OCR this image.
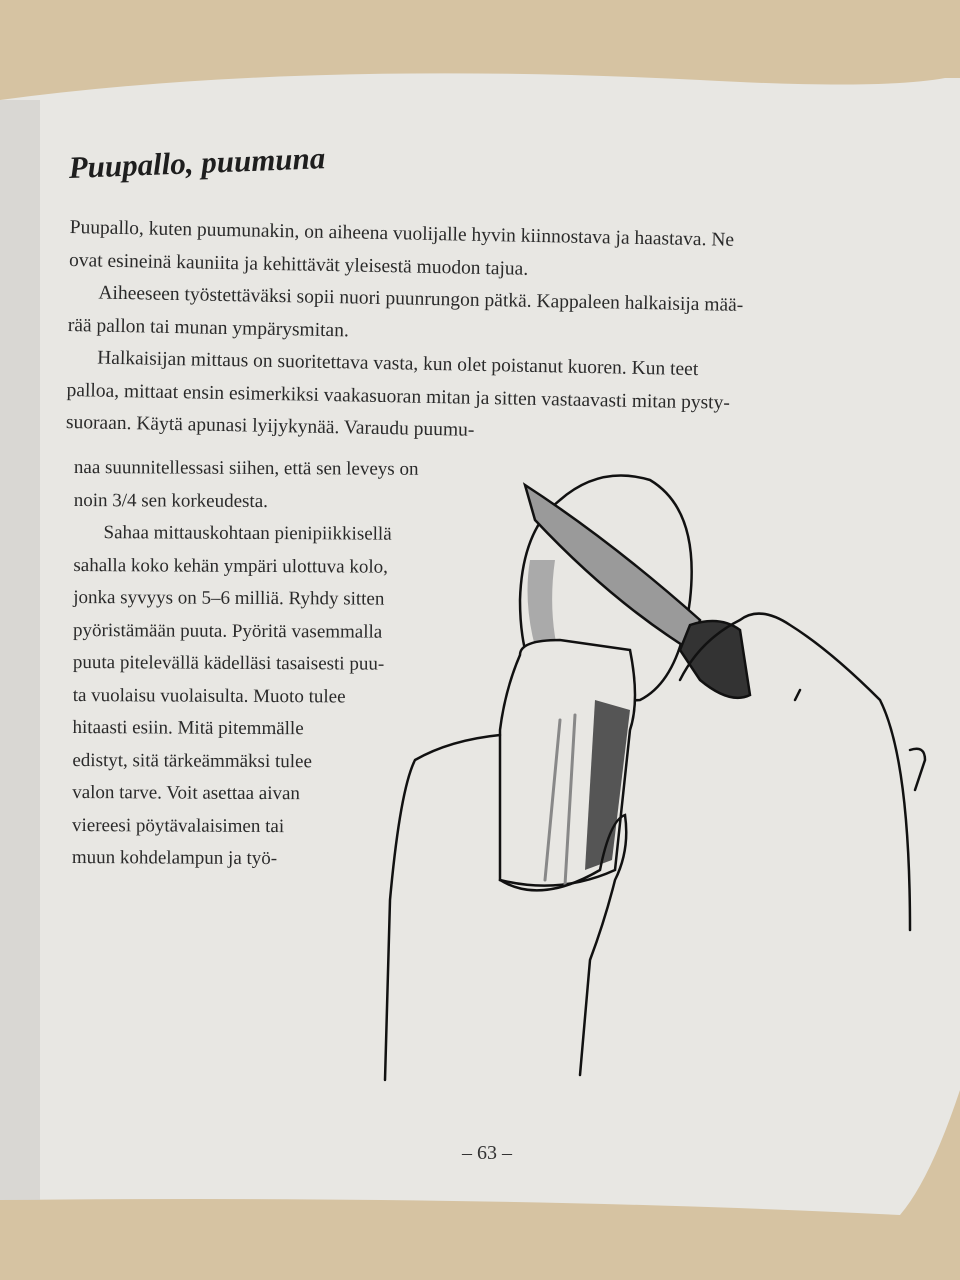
Puupallo, puumuna
Puupallo, kuten puumunakin, on aiheena vuolijalle hyvin kiinnostava ja haastava. Ne
ovat esineinä kauniita ja kehittävät yleisestä muodon tajua.
Aiheeseen työstettäväksi sopii nuori puunrungon pätkä. Kappaleen halkaisija mää-
rää pallon tai munan ympärysmitan.
Halkaisijan mittaus on suoritettava vasta, kun olet poistanut kuoren. Kun teet
palloa, mittaat ensin esimerkiksi vaakasuoran mitan ja sitten vastaavasti mitan pysty-
suoraan. Käytä apunasi lyijykynää. Varaudu puumu-
naa suunnitellessasi siihen, että sen leveys on
noin 3/4 sen korkeudesta.
Sahaa mittauskohtaan pienipiikkisellä
sahalla koko kehän ympäri ulottuva kolo,
jonka syvyys on 5–6 milliä. Ryhdy sitten
pyöristämään puuta. Pyöritä vasemmalla
puuta pitelevällä kädelläsi tasaisesti puu-
ta vuolaisu vuolaisulta. Muoto tulee
hitaasti esiin. Mitä pitemmälle
edistyt, sitä tärkeämmäksi tulee
valon tarve. Voit asettaa aivan
viereesi pöytävalaisimen tai
muun kohdelampun ja työ-
– 63 –
